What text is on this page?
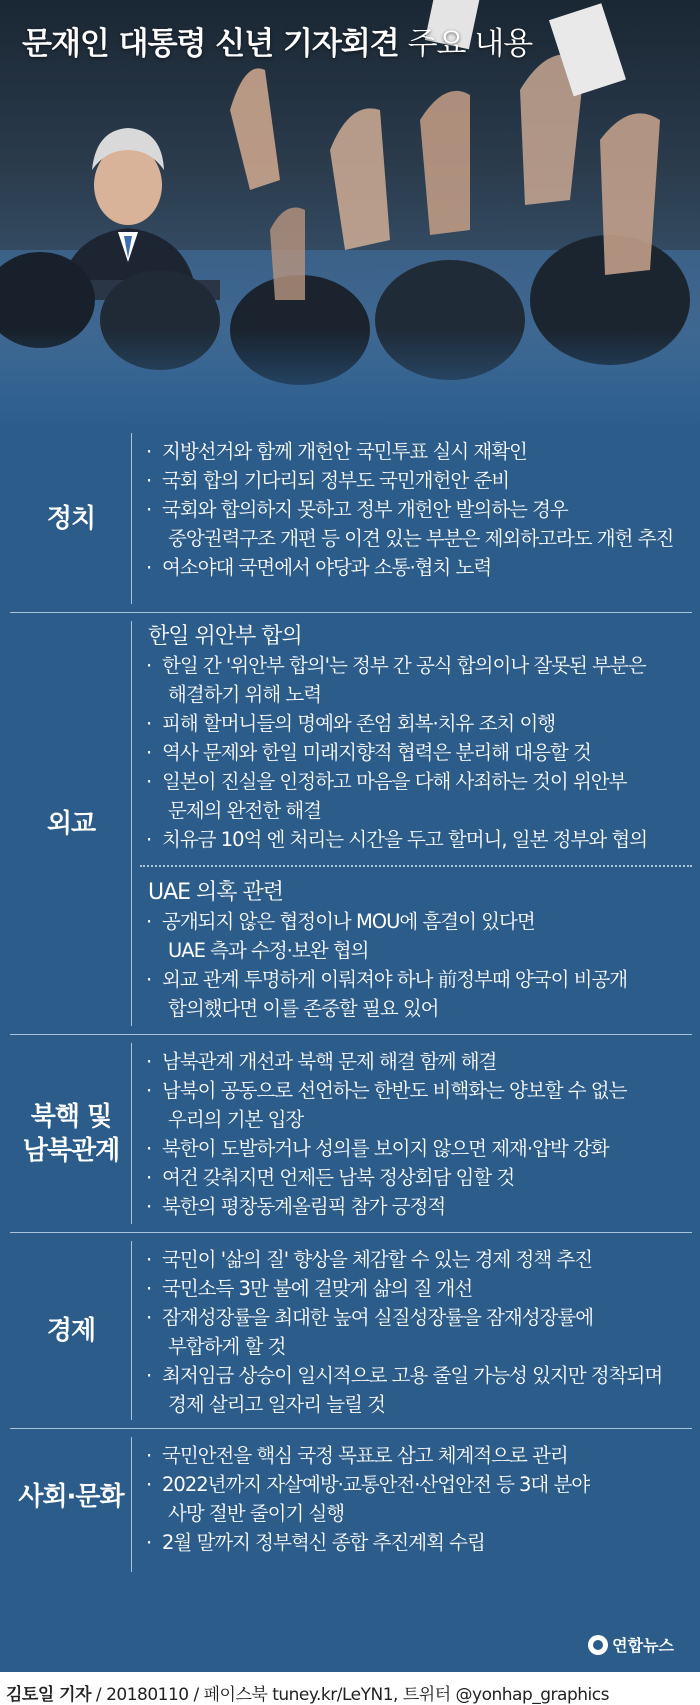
문재인 대통령 신년 기자회견 주요 내용
정치
· 지방선거와 함께 개헌안 국민투표 실시 재확인
· 국회 합의 기다리되 정부도 국민개헌안 준비
· 국회와 합의하지 못하고 정부 개헌안 발의하는 경우
중앙권력구조 개편 등 이견 있는 부분은 제외하고라도 개헌 추진
· 여소야대 국면에서 야당과 소통·협치 노력
외교
한일 위안부 합의
· 한일 간 '위안부 합의'는 정부 간 공식 합의이나 잘못된 부분은
해결하기 위해 노력
· 피해 할머니들의 명예와 존엄 회복·치유 조치 이행
· 역사 문제와 한일 미래지향적 협력은 분리해 대응할 것
· 일본이 진실을 인정하고 마음을 다해 사죄하는 것이 위안부
문제의 완전한 해결
· 치유금 10억 엔 처리는 시간을 두고 할머니, 일본 정부와 협의
UAE 의혹 관련
· 공개되지 않은 협정이나 MOU에 흠결이 있다면
UAE 측과 수정·보완 협의
· 외교 관계 투명하게 이뤄져야 하나 前정부때 양국이 비공개
합의했다면 이를 존중할 필요 있어
북핵 및
남북관계
· 남북관계 개선과 북핵 문제 해결 함께 해결
· 남북이 공동으로 선언하는 한반도 비핵화는 양보할 수 없는
우리의 기본 입장
· 북한이 도발하거나 성의를 보이지 않으면 제재·압박 강화
· 여건 갖춰지면 언제든 남북 정상회담 임할 것
· 북한의 평창동계올림픽 참가 긍정적
경제
· 국민이 '삶의 질' 향상을 체감할 수 있는 경제 정책 추진
· 국민소득 3만 불에 걸맞게 삶의 질 개선
· 잠재성장률을 최대한 높여 실질성장률을 잠재성장률에
부합하게 할 것
· 최저임금 상승이 일시적으로 고용 줄일 가능성 있지만 정착되며
경제 살리고 일자리 늘릴 것
사회·문화
· 국민안전을 핵심 국정 목표로 삼고 체계적으로 관리
· 2022년까지 자살예방·교통안전·산업안전 등 3대 분야
사망 절반 줄이기 실행
· 2월 말까지 정부혁신 종합 추진계획 수립
연합뉴스
김토일 기자 / 20180110 / 페이스북 tuney.kr/LeYN1, 트위터 @yonhap_graphics
